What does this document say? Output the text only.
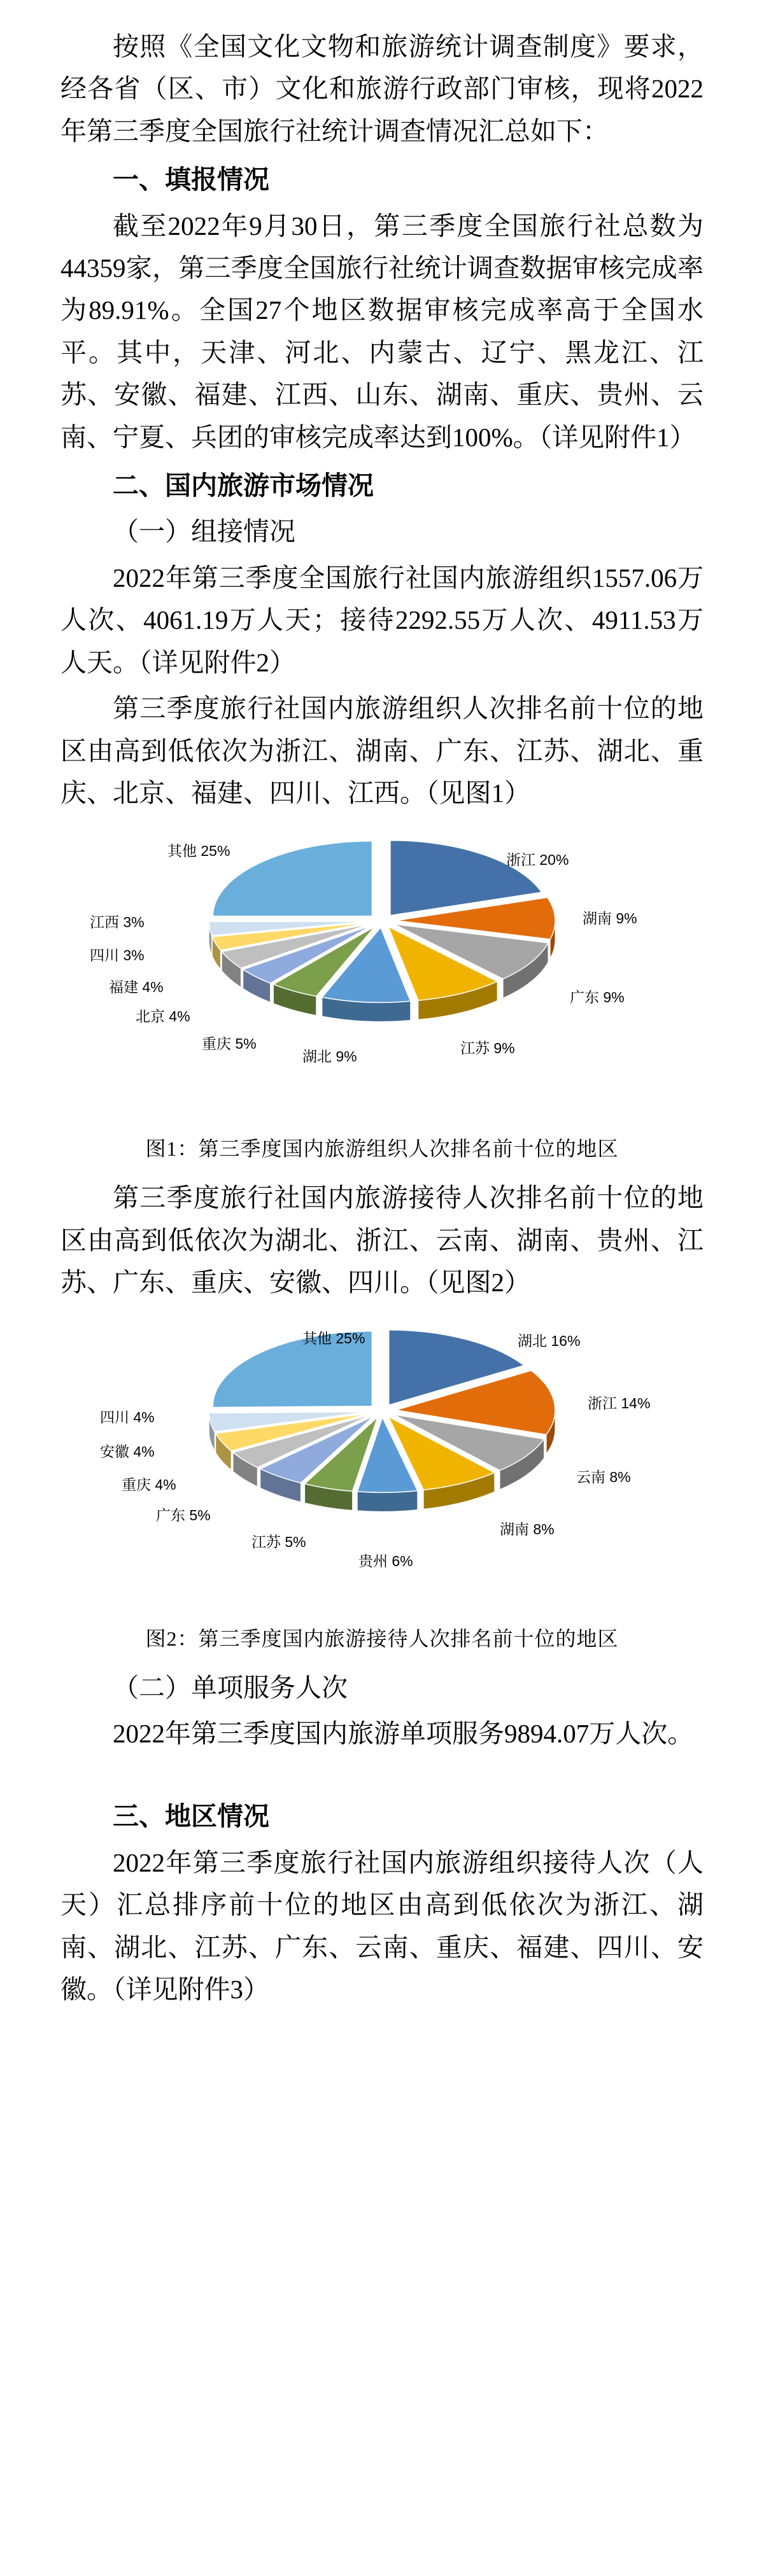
按照《全国文化文物和旅游统计调查制度》要求，经各省（区、市）文化和旅游行政部门审核，现将2022年第三季度全国旅行社统计调查情况汇总如下：

一、填报情况

截至2022年9月30日，第三季度全国旅行社总数为44359家，第三季度全国旅行社统计调查数据审核完成率为89.91%。全国27个地区数据审核完成率高于全国水平。其中，天津、河北、内蒙古、辽宁、黑龙江、江苏、安徽、福建、江西、山东、湖南、重庆、贵州、云南、宁夏、兵团的审核完成率达到100%。（详见附件1）

二、国内旅游市场情况

（一）组接情况

2022年第三季度全国旅行社国内旅游组织1557.06万人次、4061.19万人天；接待2292.55万人次、4911.53万人天。（详见附件2）

第三季度旅行社国内旅游组织人次排名前十位的地区由高到低依次为浙江、湖南、广东、江苏、湖北、重庆、北京、福建、四川、江西。（见图1）

浙江 20%
湖南 9%
广东 9%
江苏 9%
湖北 9%
重庆 5%
北京 4%
福建 4%
四川 3%
江西 3%
其他 25%
图1：第三季度国内旅游组织人次排名前十位的地区

第三季度旅行社国内旅游接待人次排名前十位的地区由高到低依次为湖北、浙江、云南、湖南、贵州、江苏、广东、重庆、安徽、四川。（见图2）

湖北 16%
浙江 14%
云南 8%
湖南 8%
贵州 6%
江苏 5%
广东 5%
重庆 4%
安徽 4%
四川 4%
其他 25%
图2：第三季度国内旅游接待人次排名前十位的地区

（二）单项服务人次

2022年第三季度国内旅游单项服务9894.07万人次。

三、地区情况

2022年第三季度旅行社国内旅游组织接待人次（人天）汇总排序前十位的地区由高到低依次为浙江、湖南、湖北、江苏、广东、云南、重庆、福建、四川、安徽。（详见附件3）
